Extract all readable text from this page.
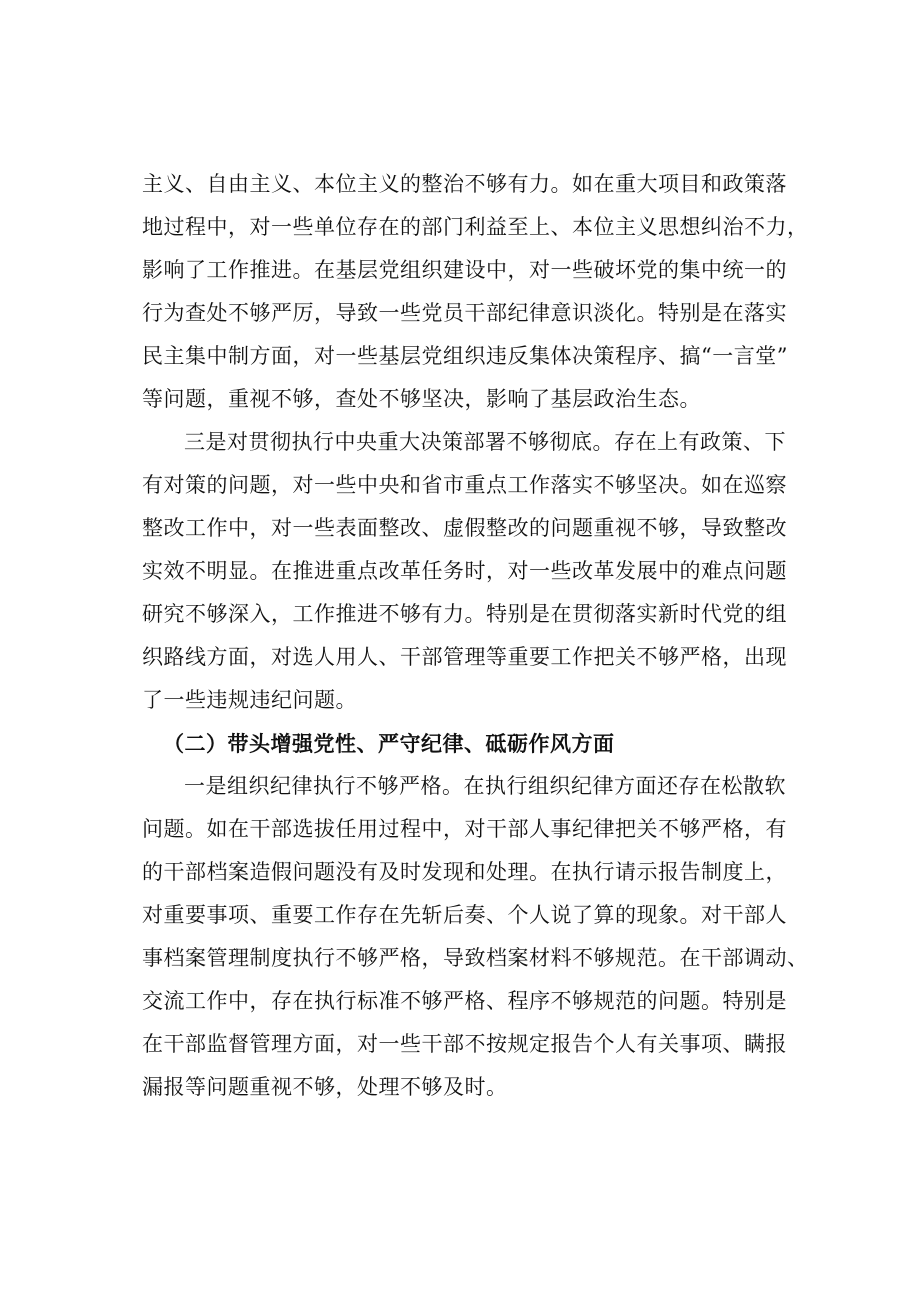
主义、自由主义、本位主义的整治不够有力。如在重大项目和政策落
地过程中，对一些单位存在的部门利益至上、本位主义思想纠治不力，
影响了工作推进。在基层党组织建设中，对一些破坏党的集中统一的
行为查处不够严厉，导致一些党员干部纪律意识淡化。特别是在落实
民主集中制方面，对一些基层党组织违反集体决策程序、搞“一言堂”
等问题，重视不够，查处不够坚决，影响了基层政治生态。
三是对贯彻执行中央重大决策部署不够彻底。存在上有政策、下
有对策的问题，对一些中央和省市重点工作落实不够坚决。如在巡察
整改工作中，对一些表面整改、虚假整改的问题重视不够，导致整改
实效不明显。在推进重点改革任务时，对一些改革发展中的难点问题
研究不够深入，工作推进不够有力。特别是在贯彻落实新时代党的组
织路线方面，对选人用人、干部管理等重要工作把关不够严格，出现
了一些违规违纪问题。
（二）带头增强党性、严守纪律、砥砺作风方面
一是组织纪律执行不够严格。在执行组织纪律方面还存在松散软
问题。如在干部选拔任用过程中，对干部人事纪律把关不够严格，有
的干部档案造假问题没有及时发现和处理。在执行请示报告制度上，
对重要事项、重要工作存在先斩后奏、个人说了算的现象。对干部人
事档案管理制度执行不够严格，导致档案材料不够规范。在干部调动、
交流工作中，存在执行标准不够严格、程序不够规范的问题。特别是
在干部监督管理方面，对一些干部不按规定报告个人有关事项、瞒报
漏报等问题重视不够，处理不够及时。
